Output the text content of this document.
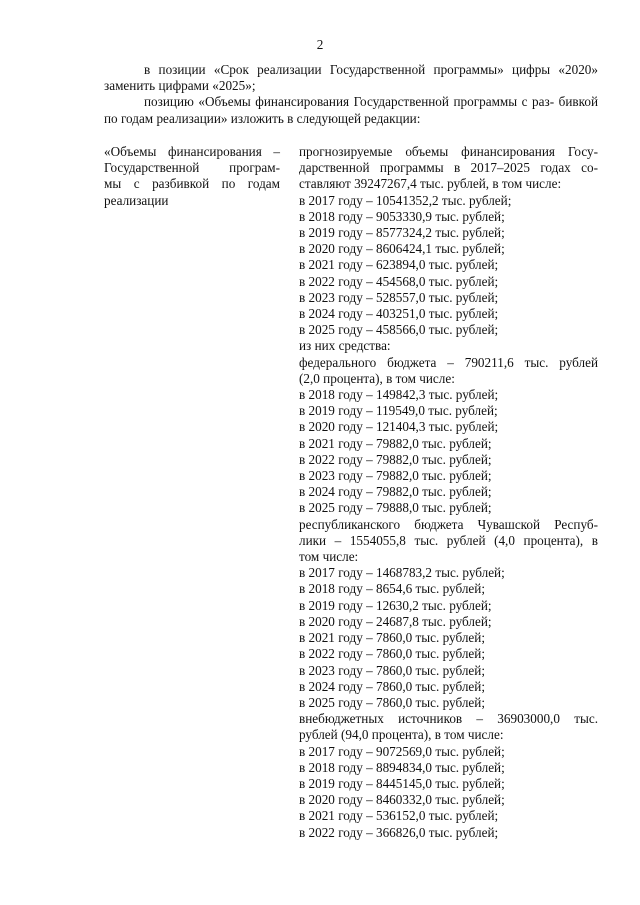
2

в позиции «Срок реализации Государственной программы» цифры «2020» заменить цифрами «2025»;

позицию «Объемы финансирования Государственной программы с раз- бивкой по годам реализации» изложить в следующей редакции:

«Объемы финансирования –
Государственной програм-
мы с разбивкой по годам
реализации
прогнозируемые объемы финансирования Госу-
дарственной программы в 2017–2025 годах со-
ставляют 39247267,4 тыс. рублей, в том числе:
в 2017 году – 10541352,2 тыс. рублей;
в 2018 году – 9053330,9 тыс. рублей;
в 2019 году – 8577324,2 тыс. рублей;
в 2020 году – 8606424,1 тыс. рублей;
в 2021 году – 623894,0 тыс. рублей;
в 2022 году – 454568,0 тыс. рублей;
в 2023 году – 528557,0 тыс. рублей;
в 2024 году – 403251,0 тыс. рублей;
в 2025 году – 458566,0 тыс. рублей;
из них средства:
федерального бюджета – 790211,6 тыс. рублей
(2,0 процента), в том числе:
в 2018 году – 149842,3 тыс. рублей;
в 2019 году – 119549,0 тыс. рублей;
в 2020 году – 121404,3 тыс. рублей;
в 2021 году – 79882,0 тыс. рублей;
в 2022 году – 79882,0 тыс. рублей;
в 2023 году – 79882,0 тыс. рублей;
в 2024 году – 79882,0 тыс. рублей;
в 2025 году – 79888,0 тыс. рублей;
республиканского бюджета Чувашской Респуб-
лики – 1554055,8 тыс. рублей (4,0 процента), в
том числе:
в 2017 году – 1468783,2 тыс. рублей;
в 2018 году – 8654,6 тыс. рублей;
в 2019 году – 12630,2 тыс. рублей;
в 2020 году – 24687,8 тыс. рублей;
в 2021 году – 7860,0 тыс. рублей;
в 2022 году – 7860,0 тыс. рублей;
в 2023 году – 7860,0 тыс. рублей;
в 2024 году – 7860,0 тыс. рублей;
в 2025 году – 7860,0 тыс. рублей;
внебюджетных источников – 36903000,0 тыс.
рублей (94,0 процента), в том числе:
в 2017 году – 9072569,0 тыс. рублей;
в 2018 году – 8894834,0 тыс. рублей;
в 2019 году – 8445145,0 тыс. рублей;
в 2020 году – 8460332,0 тыс. рублей;
в 2021 году – 536152,0 тыс. рублей;
в 2022 году – 366826,0 тыс. рублей;
